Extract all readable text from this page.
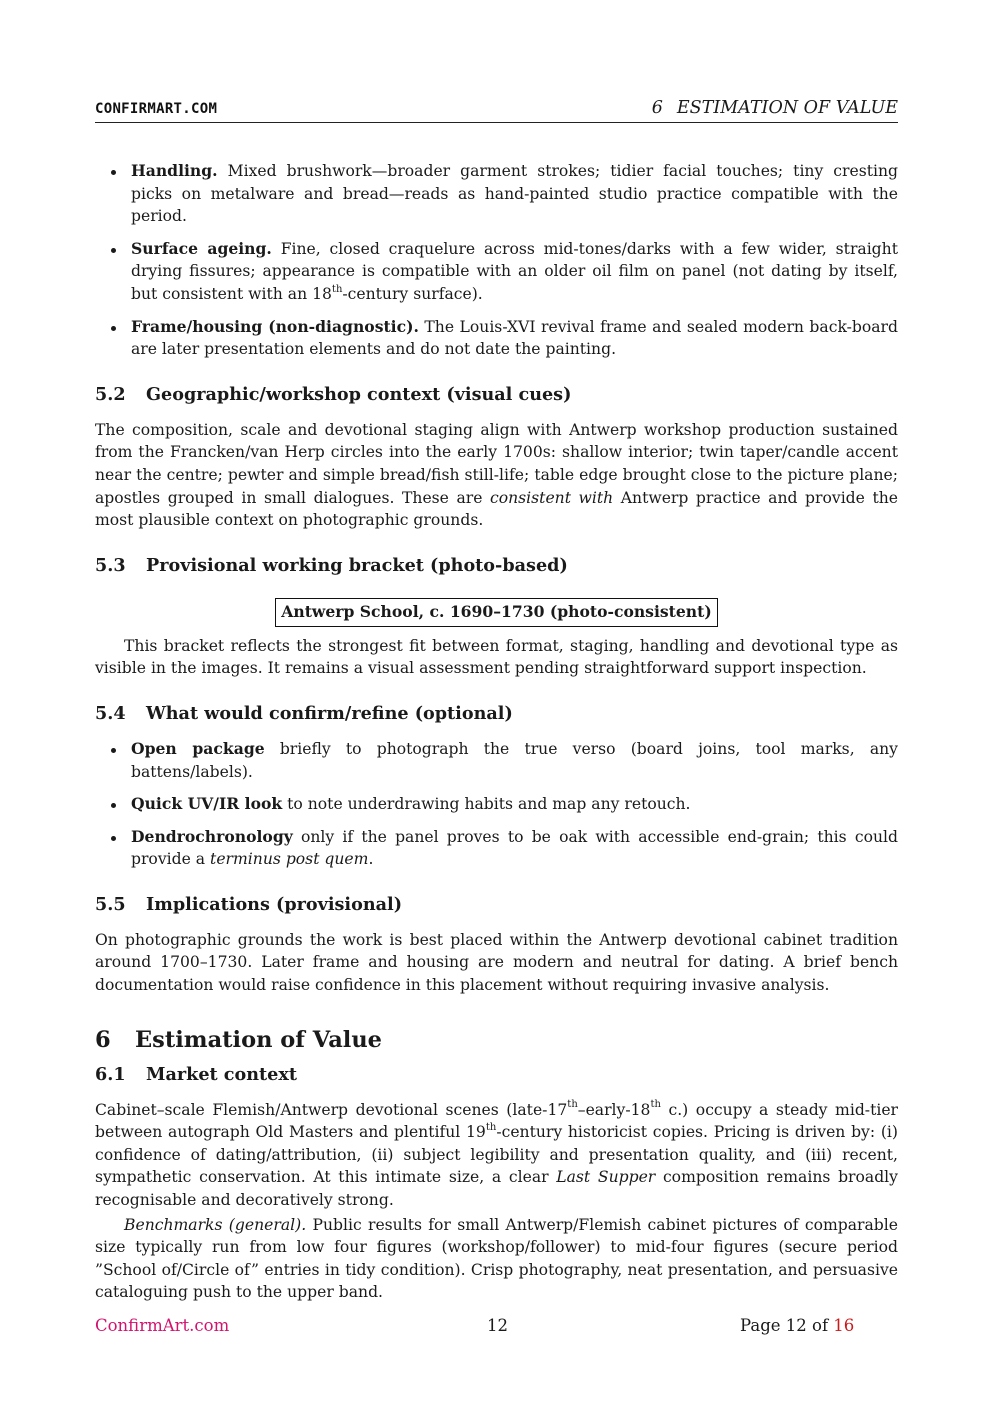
CONFIRMART.COM	6 ESTIMATION OF VALUE
Handling. Mixed brushwork—broader garment strokes; tidier facial touches; tiny cresting picks on metalware and bread—reads as hand-painted studio practice compatible with the period.
Surface ageing. Fine, closed craquelure across mid-tones/darks with a few wider, straight drying fissures; appearance is compatible with an older oil film on panel (not dating by itself, but consistent with an 18th-century surface).
Frame/housing (non-diagnostic). The Louis-XVI revival frame and sealed modern back-board are later presentation elements and do not date the painting.
5.2 Geographic/workshop context (visual cues)

The composition, scale and devotional staging align with Antwerp workshop production sustained from the Francken/van Herp circles into the early 1700s: shallow interior; twin taper/candle accent near the centre; pewter and simple bread/fish still-life; table edge brought close to the picture plane; apostles grouped in small dialogues. These are consistent with Antwerp practice and provide the most plausible context on photographic grounds.

5.3 Provisional working bracket (photo-based)
Antwerp School, c. 1690–1730 (photo-consistent)

This bracket reflects the strongest fit between format, staging, handling and devotional type as visible in the images. It remains a visual assessment pending straightforward support inspection.

5.4 What would confirm/refine (optional)
Open package briefly to photograph the true verso (board joins, tool marks, any battens/labels).
Quick UV/IR look to note underdrawing habits and map any retouch.
Dendrochronology only if the panel proves to be oak with accessible end-grain; this could provide a terminus post quem.
5.5 Implications (provisional)

On photographic grounds the work is best placed within the Antwerp devotional cabinet tradition around 1700–1730. Later frame and housing are modern and neutral for dating. A brief bench documentation would raise confidence in this placement without requiring invasive analysis.

6 Estimation of Value
6.1 Market context

Cabinet–scale Flemish/Antwerp devotional scenes (late-17th–early-18th c.) occupy a steady mid-tier between autograph Old Masters and plentiful 19th-century historicist copies. Pricing is driven by: (i) confidence of dating/attribution, (ii) subject legibility and presentation quality, and (iii) recent, sympathetic conservation. At this intimate size, a clear Last Supper composition remains broadly recognisable and decoratively strong.

Benchmarks (general). Public results for small Antwerp/Flemish cabinet pictures of comparable size typically run from low four figures (workshop/follower) to mid-four figures (secure period ”School of/Circle of” entries in tidy condition). Crisp photography, neat presentation, and persuasive cataloguing push to the upper band.

ConfirmArt.com	12	Page 12 of 16
